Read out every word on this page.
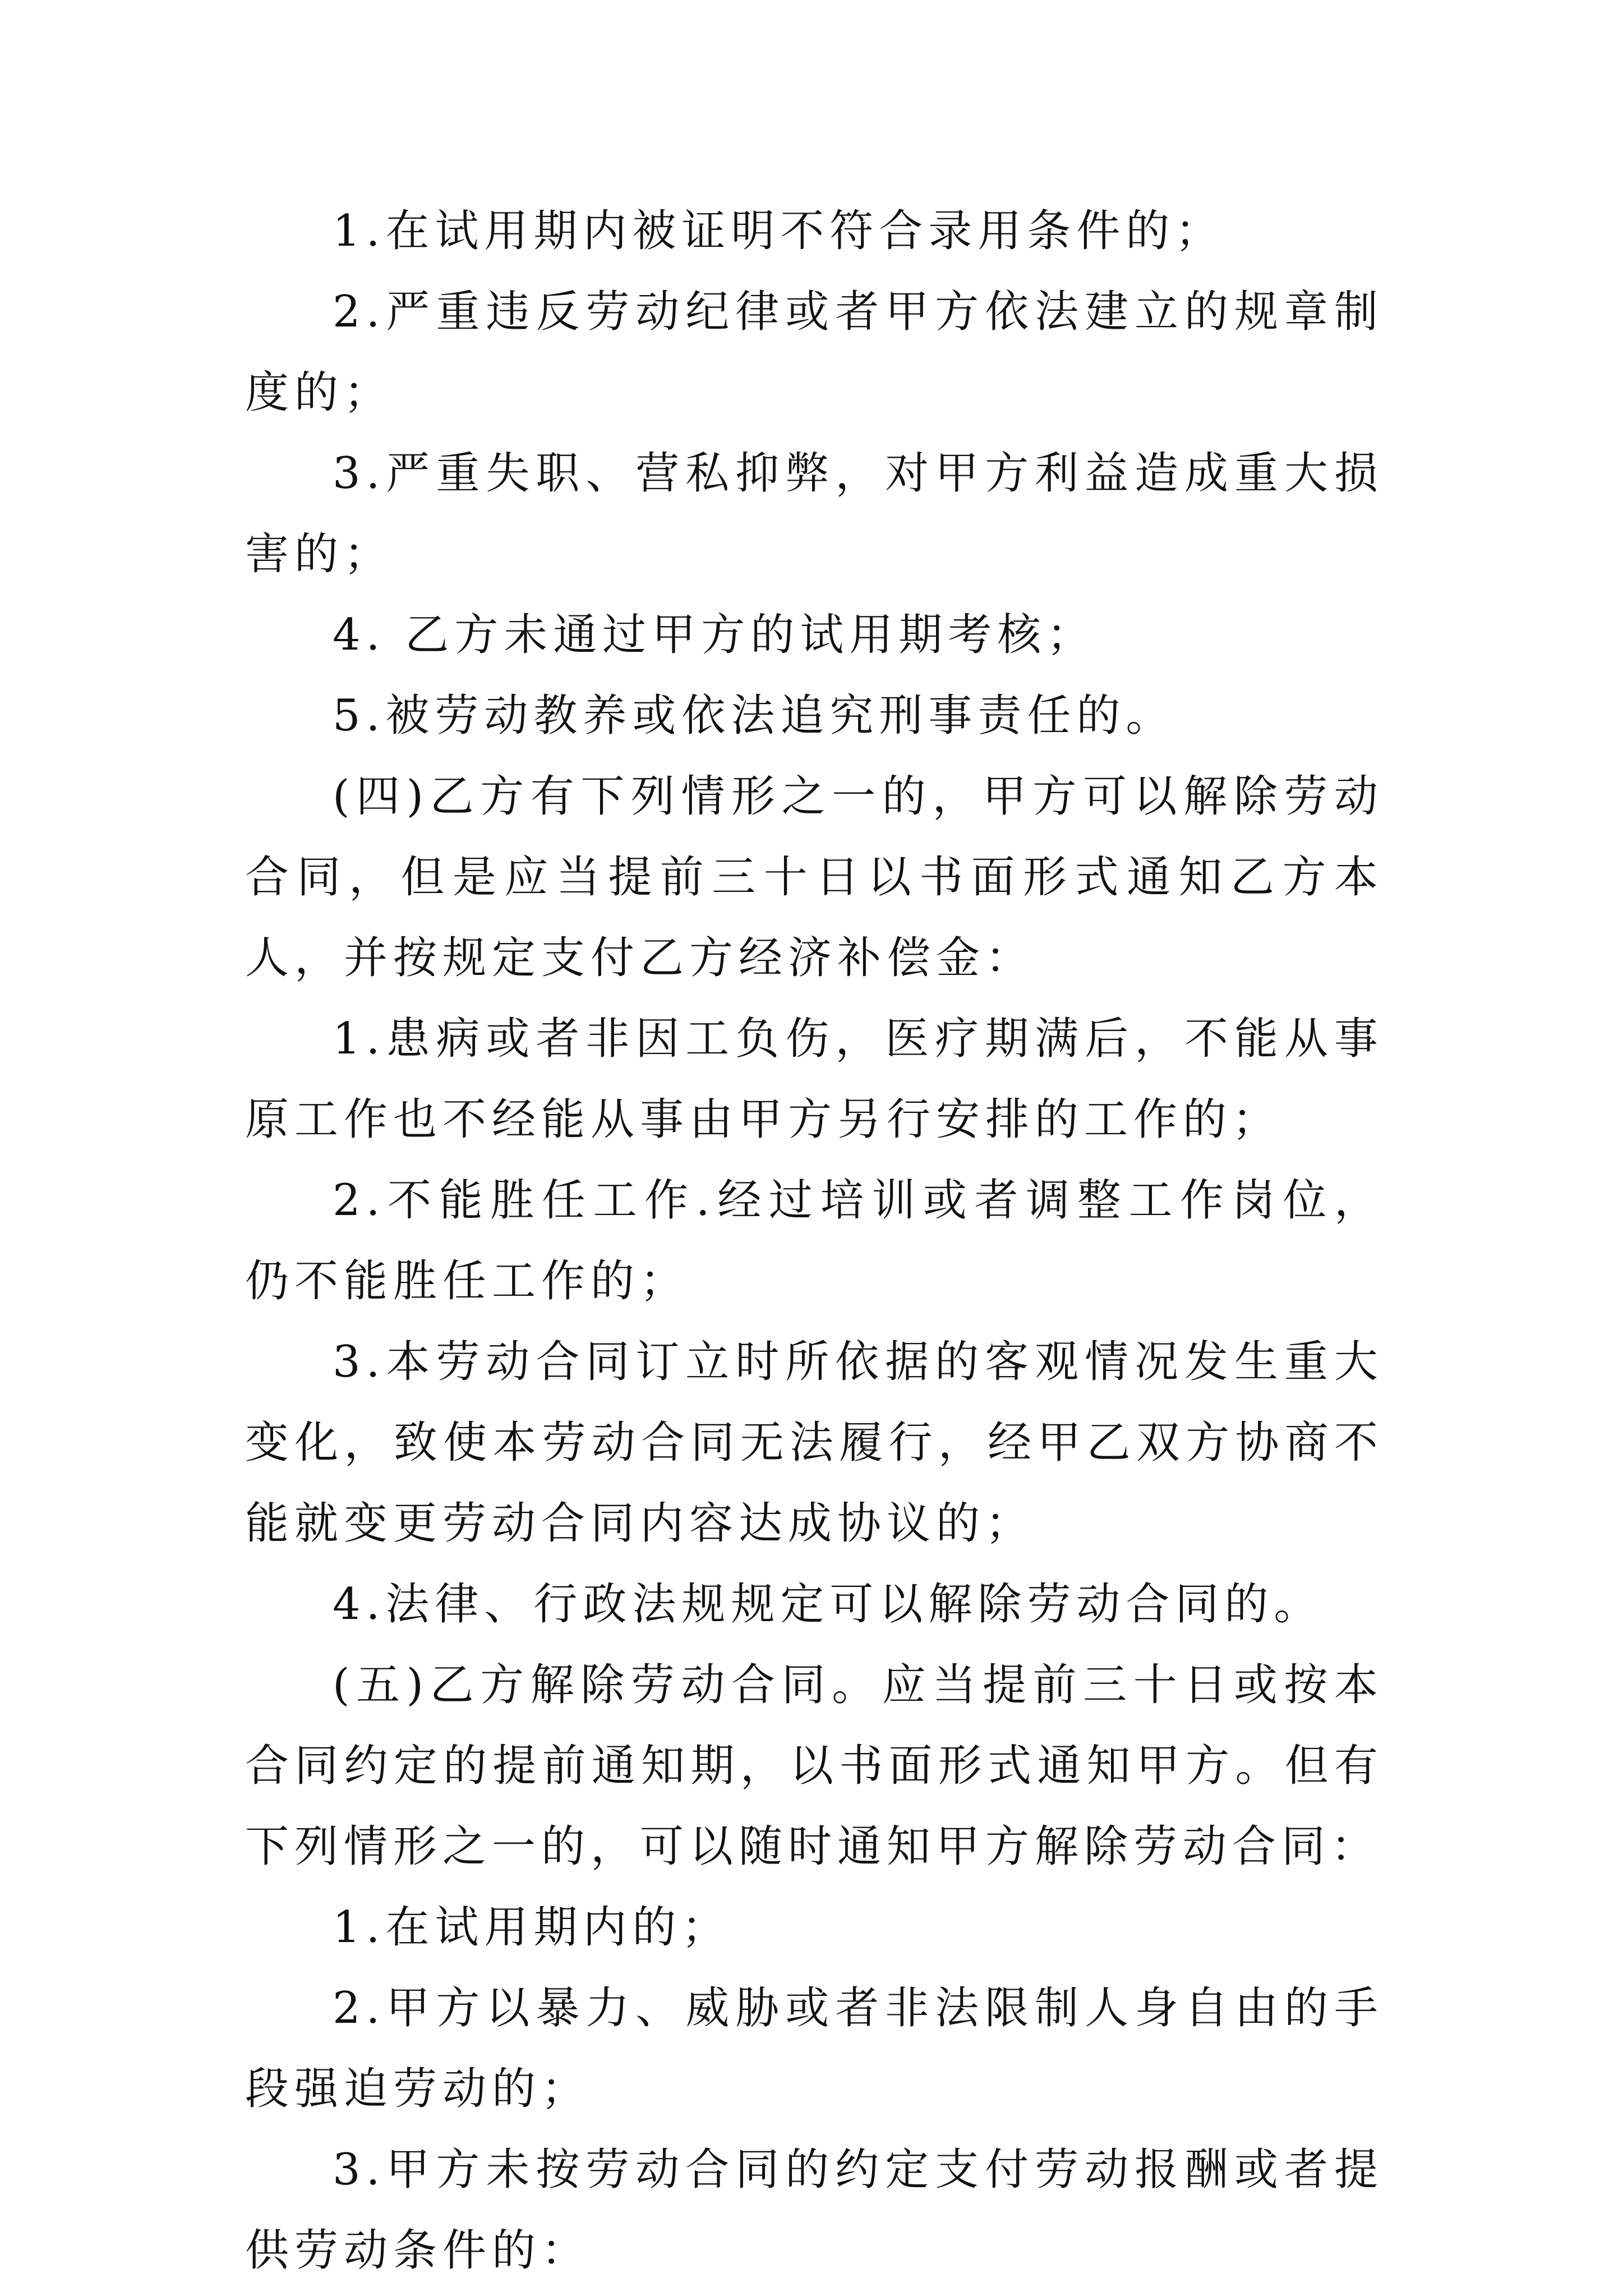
1.在试用期内被证明不符合录用条件的；

2.严重违反劳动纪律或者甲方依法建立的规章制度的；

3.严重失职、营私抑弊，对甲方利益造成重大损害的；

4. 乙方未通过甲方的试用期考核；

5.被劳动教养或依法追究刑事责任的。

(四)乙方有下列情形之一的，甲方可以解除劳动合同，但是应当提前三十日以书面形式通知乙方本人，并按规定支付乙方经济补偿金：

1.患病或者非因工负伤，医疗期满后，不能从事原工作也不经能从事由甲方另行安排的工作的；

2.不能胜任工作.经过培训或者调整工作岗位，仍不能胜任工作的；

3.本劳动合同订立时所依据的客观情况发生重大变化，致使本劳动合同无法履行，经甲乙双方协商不能就变更劳动合同内容达成协议的；

4.法律、行政法规规定可以解除劳动合同的。

(五)乙方解除劳动合同。应当提前三十日或按本合同约定的提前通知期，以书面形式通知甲方。但有下列情形之一的，可以随时通知甲方解除劳动合同：

1.在试用期内的；

2.甲方以暴力、威胁或者非法限制人身自由的手段强迫劳动的；

3.甲方未按劳动合同的约定支付劳动报酬或者提供劳动条件的：
